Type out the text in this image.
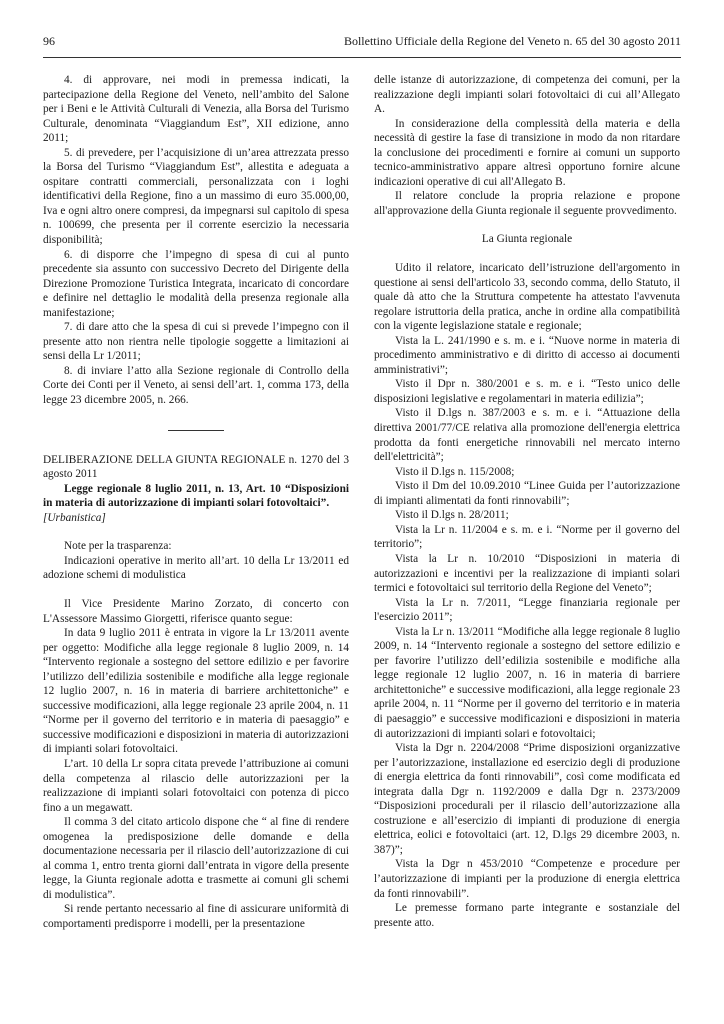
96	Bollettino Ufficiale della Regione del Veneto n. 65 del 30 agosto 2011

4. di approvare, nei modi in premessa indicati, la partecipazione della Regione del Veneto, nell’ambito del Salone per i Beni e le Attività Culturali di Venezia, alla Borsa del Turismo Culturale, denominata “Viaggiandum Est”, XII edizione, anno 2011;

5. di prevedere, per l’acquisizione di un’area attrezzata presso la Borsa del Turismo “Viaggiandum Est”, allestita e adeguata a ospitare contratti commerciali, personalizzata con i loghi identificativi della Regione, fino a un massimo di euro 35.000,00, Iva e ogni altro onere compresi, da impegnarsi sul capitolo di spesa n. 100699, che presenta per il corrente esercizio la necessaria disponibilità;

6. di disporre che l’impegno di spesa di cui al punto precedente sia assunto con successivo Decreto del Dirigente della Direzione Promozione Turistica Integrata, incaricato di concordare e definire nel dettaglio le modalità della presenza regionale alla manifestazione;

7. di dare atto che la spesa di cui si prevede l’impegno con il presente atto non rientra nelle tipologie soggette a limitazioni ai sensi della Lr 1/2011;

8. di inviare l’atto alla Sezione regionale di Controllo della Corte dei Conti per il Veneto, ai sensi dell’art. 1, comma 173, della legge 23 dicembre 2005, n. 266.

DELIBERAZIONE DELLA GIUNTA REGIONALE n. 1270 del 3 agosto 2011

Legge regionale 8 luglio 2011, n. 13, Art. 10 “Disposizioni in materia di autorizzazione di impianti solari fotovoltaici”.

[Urbanistica]

Note per la trasparenza:

Indicazioni operative in merito all’art. 10 della Lr 13/2011 ed adozione schemi di modulistica

Il Vice Presidente Marino Zorzato, di concerto con L'Assessore Massimo Giorgetti, riferisce quanto segue:

In data 9 luglio 2011 è entrata in vigore la Lr 13/2011 avente per oggetto: Modifiche alla legge regionale 8 luglio 2009, n. 14 “Intervento regionale a sostegno del settore edilizio e per favorire l’utilizzo dell’edilizia sostenibile e modifiche alla legge regionale 12 luglio 2007, n. 16 in materia di barriere architettoniche” e successive modificazioni, alla legge regionale 23 aprile 2004, n. 11 “Norme per il governo del territorio e in materia di paesaggio” e successive modificazioni e disposizioni in materia di autorizzazioni di impianti solari fotovoltaici.

L’art. 10 della Lr sopra citata prevede l’attribuzione ai comuni della competenza al rilascio delle autorizzazioni per la realizzazione di impianti solari fotovoltaici con potenza di picco fino a un megawatt.

Il comma 3 del citato articolo dispone che “ al fine di rendere omogenea la predisposizione delle domande e della documentazione necessaria per il rilascio dell’autorizzazione di cui al comma 1, entro trenta giorni dall’entrata in vigore della presente legge, la Giunta regionale adotta e trasmette ai comuni gli schemi di modulistica”.

Si rende pertanto necessario al fine di assicurare uniformità di comportamenti predisporre i modelli, per la presentazione

delle istanze di autorizzazione, di competenza dei comuni, per la realizzazione degli impianti solari fotovoltaici di cui all’Allegato A.

In considerazione della complessità della materia e della necessità di gestire la fase di transizione in modo da non ritardare la conclusione dei procedimenti e fornire ai comuni un supporto tecnico-amministrativo appare altresì opportuno fornire alcune indicazioni operative di cui all'Allegato B.

Il relatore conclude la propria relazione e propone all'approvazione della Giunta regionale il seguente provvedimento.

La Giunta regionale

Udito il relatore, incaricato dell’istruzione dell'argomento in questione ai sensi dell'articolo 33, secondo comma, dello Statuto, il quale dà atto che la Struttura competente ha attestato l'avvenuta regolare istruttoria della pratica, anche in ordine alla compatibilità con la vigente legislazione statale e regionale;

Vista la L. 241/1990 e s. m. e i. “Nuove norme in materia di procedimento amministrativo e di diritto di accesso ai documenti amministrativi”;

Visto il Dpr n. 380/2001 e s. m. e i. “Testo unico delle disposizioni legislative e regolamentari in materia edilizia”;

Visto il D.lgs n. 387/2003 e s. m. e i. “Attuazione della direttiva 2001/77/CE relativa alla promozione dell'energia elettrica prodotta da fonti energetiche rinnovabili nel mercato interno dell'elettricità”;

Visto il D.lgs n. 115/2008;

Visto il Dm del 10.09.2010 “Linee Guida per l’autorizzazione di impianti alimentati da fonti rinnovabili”;

Visto il D.lgs n. 28/2011;

Vista la Lr n. 11/2004 e s. m. e i. “Norme per il governo del territorio”;

Vista la Lr n. 10/2010 “Disposizioni in materia di autorizzazioni e incentivi per la realizzazione di impianti solari termici e fotovoltaici sul territorio della Regione del Veneto”;

Vista la Lr n. 7/2011, “Legge finanziaria regionale per l'esercizio 2011”;

Vista la Lr n. 13/2011 “Modifiche alla legge regionale 8 luglio 2009, n. 14 “Intervento regionale a sostegno del settore edilizio e per favorire l’utilizzo dell’edilizia sostenibile e modifiche alla legge regionale 12 luglio 2007, n. 16 in materia di barriere architettoniche” e successive modificazioni, alla legge regionale 23 aprile 2004, n. 11 “Norme per il governo del territorio e in materia di paesaggio” e successive modificazioni e disposizioni in materia di autorizzazioni di impianti solari e fotovoltaici;

Vista la Dgr n. 2204/2008 “Prime disposizioni organizzative per l’autorizzazione, installazione ed esercizio degli di produzione di energia elettrica da fonti rinnovabili”, così come modificata ed integrata dalla Dgr n. 1192/2009 e dalla Dgr n. 2373/2009 “Disposizioni procedurali per il rilascio dell’autorizzazione alla costruzione e all’esercizio di impianti di produzione di energia elettrica, eolici e fotovoltaici (art. 12, D.lgs 29 dicembre 2003, n. 387)”;

Vista la Dgr n 453/2010 “Competenze e procedure per l’autorizzazione di impianti per la produzione di energia elettrica da fonti rinnovabili”.

Le premesse formano parte integrante e sostanziale del presente atto.
